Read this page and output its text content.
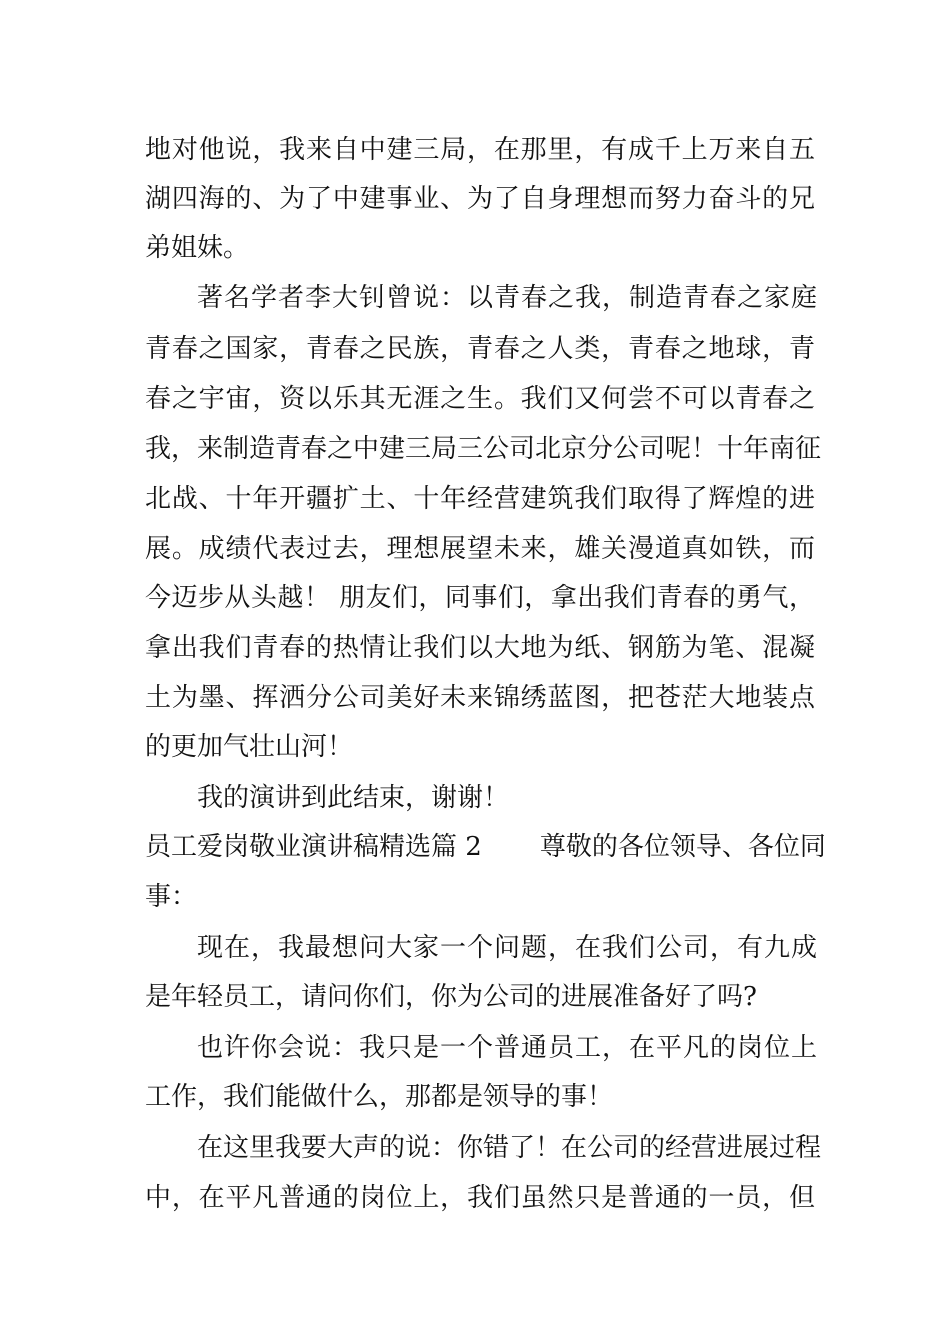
地对他说，我来自中建三局，在那里，有成千上万来自五

湖四海的、为了中建事业、为了自身理想而努力奋斗的兄

弟姐妹。

著名学者李大钊曾说：以青春之我，制造青春之家庭

青春之国家，青春之民族，青春之人类，青春之地球，青

春之宇宙，资以乐其无涯之生。我们又何尝不可以青春之

我，来制造青春之中建三局三公司北京分公司呢！十年南征

北战、十年开疆扩土、十年经营建筑我们取得了辉煌的进

展。成绩代表过去，理想展望未来，雄关漫道真如铁，而

今迈步从头越！ 朋友们，同事们，拿出我们青春的勇气，

拿出我们青春的热情让我们以大地为纸、钢筋为笔、混凝

土为墨、挥洒分公司美好未来锦绣蓝图，把苍茫大地装点

的更加气壮山河！

我的演讲到此结束，谢谢！

员工爱岗敬业演讲稿精选篇 2 尊敬的各位领导、各位同

事：

现在，我最想问大家一个问题，在我们公司，有九成

是年轻员工，请问你们，你为公司的进展准备好了吗?

也许你会说：我只是一个普通员工，在平凡的岗位上

工作，我们能做什么，那都是领导的事！

在这里我要大声的说：你错了！在公司的经营进展过程

中，在平凡普通的岗位上，我们虽然只是普通的一员，但
